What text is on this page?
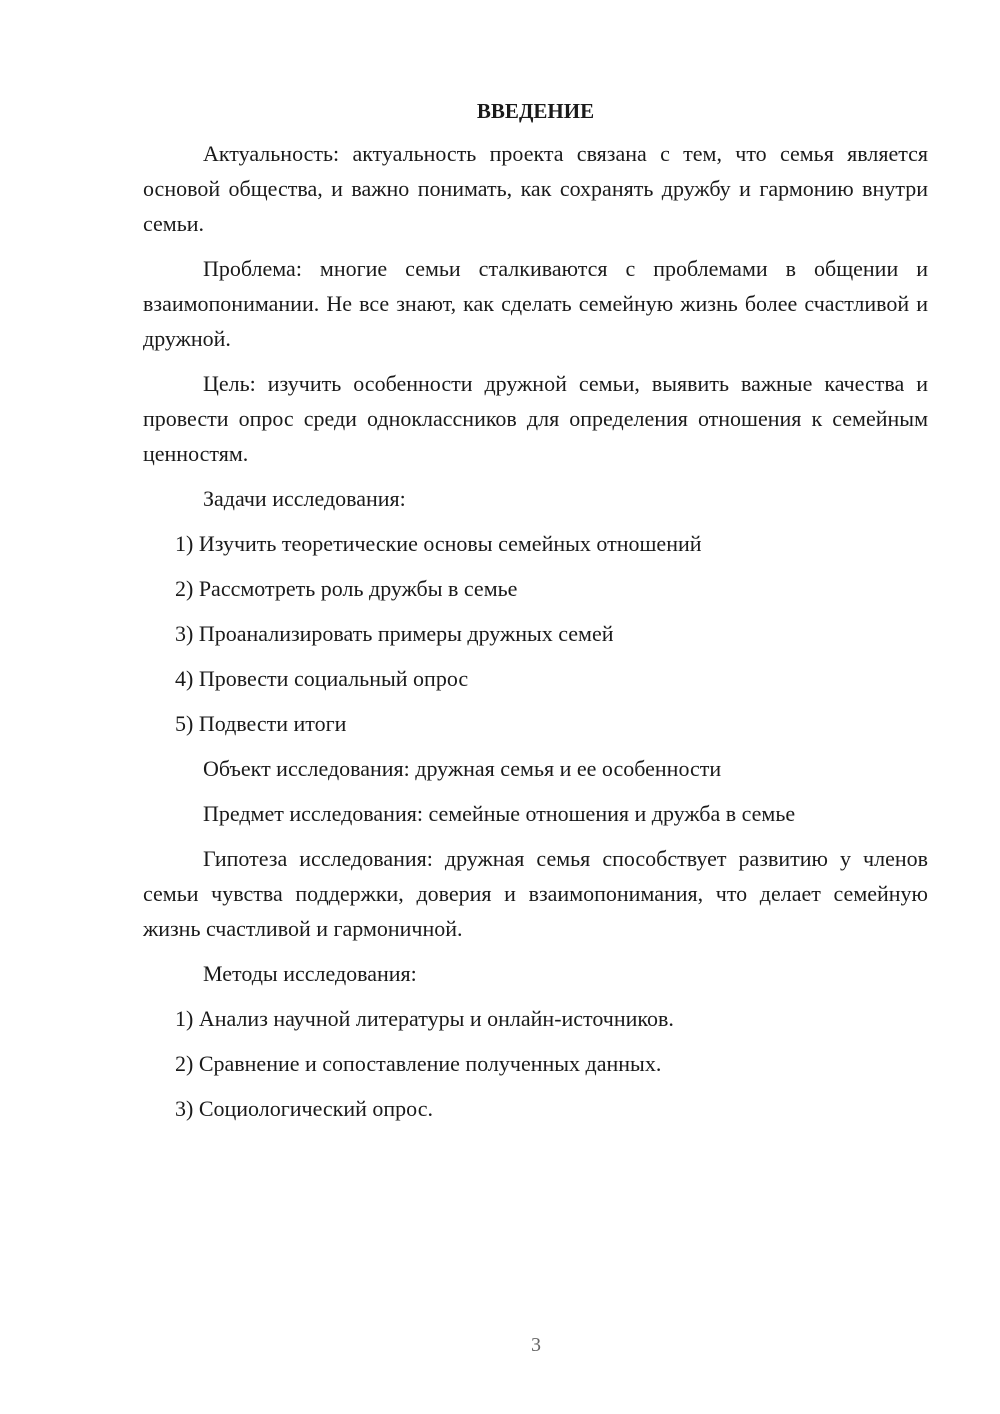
ВВЕДЕНИЕ

Актуальность: актуальность проекта связана с тем, что семья является основой общества, и важно понимать, как сохранять дружбу и гармонию внутри семьи.

Проблема: многие семьи сталкиваются с проблемами в общении и взаимопонимании. Не все знают, как сделать семейную жизнь более счастливой и дружной.

Цель: изучить особенности дружной семьи, выявить важные качества и провести опрос среди одноклассников для определения отношения к семейным ценностям.

Задачи исследования:
1) Изучить теоретические основы семейных отношений
2) Рассмотреть роль дружбы в семье
3) Проанализировать примеры дружных семей
4) Провести социальный опрос
5) Подвести итоги
Объект исследования: дружная семья и ее особенности
Предмет исследования: семейные отношения и дружба в семье

Гипотеза исследования: дружная семья способствует развитию у членов семьи чувства поддержки, доверия и взаимопонимания, что делает семейную жизнь счастливой и гармоничной.

Методы исследования:
1) Анализ научной литературы и онлайн-источников.
2) Сравнение и сопоставление полученных данных.
3) Социологический опрос.
3
